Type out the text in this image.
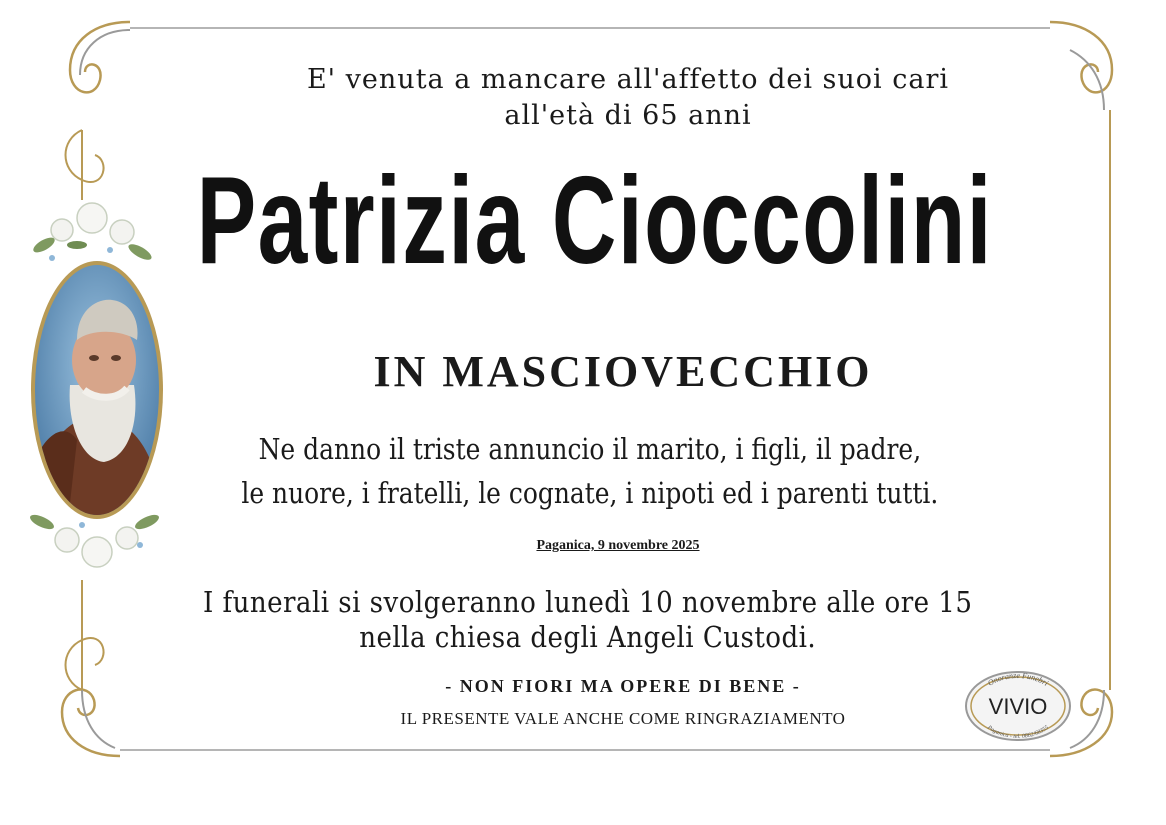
E' venuta a mancare all'affetto dei suoi cari

all'età di 65 anni

Patrizia Cioccolini

IN MASCIOVECCHIO

Ne danno il triste annuncio il marito, i figli, il padre,

le nuore, i fratelli, le cognate, i nipoti ed i parenti tutti.

Paganica, 9 novembre 2025

I funerali si svolgeranno lunedì 10 novembre alle ore 15

nella chiesa degli Angeli Custodi.

- NON FIORI MA OPERE DI BENE -

IL PRESENTE VALE ANCHE COME RINGRAZIAMENTO

Onoranze Funebri
VIVIO
Paganica - tel. 0862/68355
